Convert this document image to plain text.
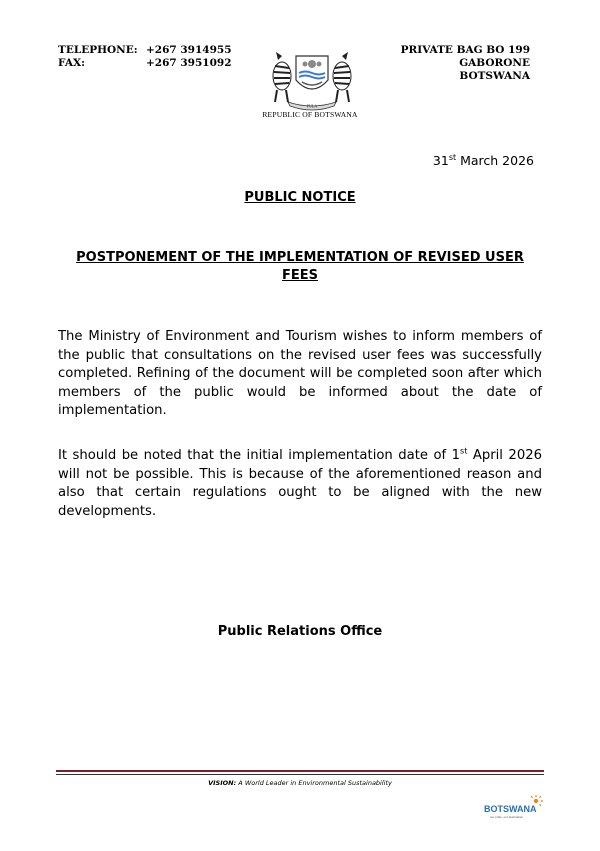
TELEPHONE: +267 3914955
FAX:	+267 3951092
PRIVATE BAG BO 199
GABORONE
BOTSWANA
PULA
REPUBLIC OF BOTSWANA
31st March 2026
PUBLIC NOTICE
POSTPONEMENT OF THE IMPLEMENTATION OF REVISED USER FEES
The Ministry of Environment and Tourism wishes to inform members of the public that consultations on the revised user fees was successfully completed. Refining of the document will be completed soon after which members of the public would be informed about the date of implementation.
It should be noted that the initial implementation date of 1st April 2026 will not be possible. This is because of the aforementioned reason and also that certain regulations ought to be aligned with the new developments.
Public Relations Office
VISION: A World Leader in Environmental Sustainability
BOTSWANA
our pride, our destination
